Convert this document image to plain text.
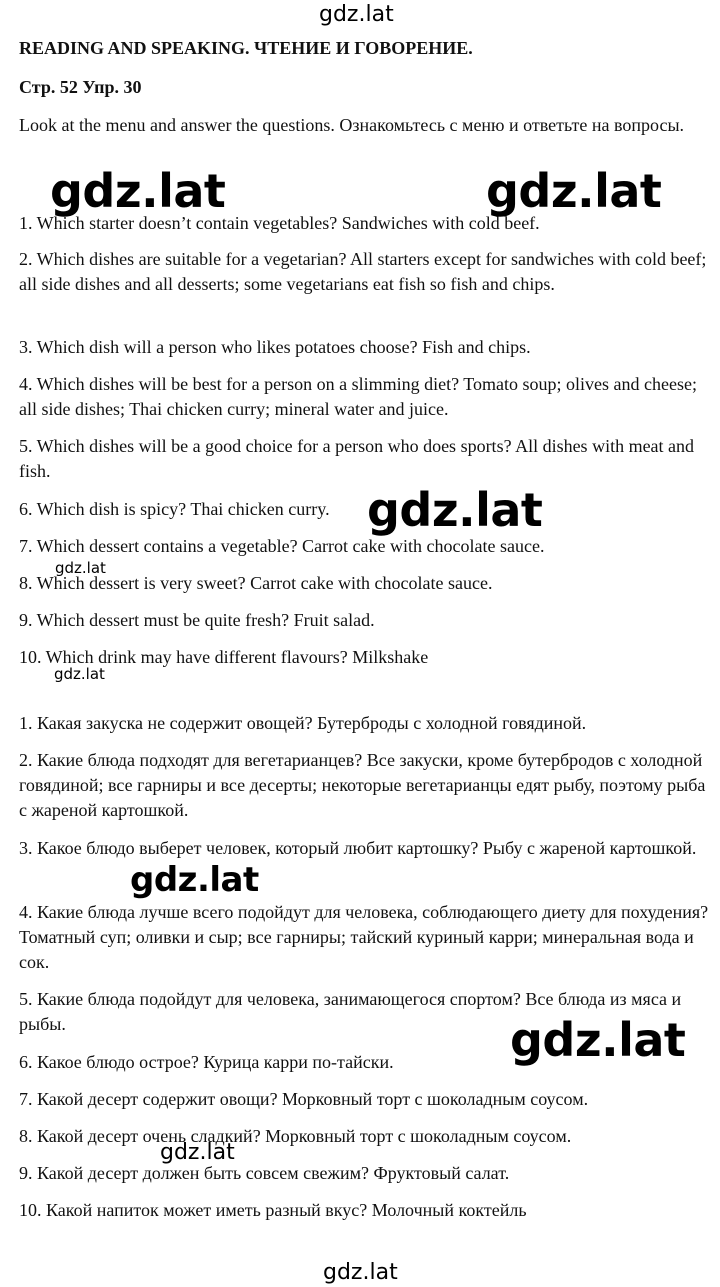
READING AND SPEAKING. ЧТЕНИЕ И ГОВОРЕНИЕ.
Стр. 52 Упр. 30

Look at the menu and answer the questions. Ознакомьтесь с меню и ответьте на вопросы.

1. Which starter doesn’t contain vegetables? Sandwiches with cold beef.

2. Which dishes are suitable for a vegetarian? All starters except for sandwiches with cold beef; all side dishes and all desserts; some vegetarians eat fish so fish and chips.

3. Which dish will a person who likes potatoes choose? Fish and chips.

4. Which dishes will be best for a person on a slimming diet? Tomato soup; olives and cheese; all side dishes; Thai chicken curry; mineral water and juice.

5. Which dishes will be a good choice for a person who does sports? All dishes with meat and fish.

6. Which dish is spicy? Thai chicken curry.

7. Which dessert contains a vegetable? Carrot cake with chocolate sauce.

8. Which dessert is very sweet? Carrot cake with chocolate sauce.

9. Which dessert must be quite fresh? Fruit salad.

10. Which drink may have different flavours? Milkshake

1. Какая закуска не содержит овощей? Бутерброды с холодной говядиной.

2. Какие блюда подходят для вегетарианцев? Все закуски, кроме бутербродов с холодной говядиной; все гарниры и все десерты; некоторые вегетарианцы едят рыбу, поэтому рыба с жареной картошкой.

3. Какое блюдо выберет человек, который любит картошку? Рыбу с жареной картошкой.

4. Какие блюда лучше всего подойдут для человека, соблюдающего диету для похудения? Томатный суп; оливки и сыр; все гарниры; тайский куриный карри; минеральная вода и сок.

5. Какие блюда подойдут для человека, занимающегося спортом? Все блюда из мяса и рыбы.

6. Какое блюдо острое? Курица карри по-тайски.

7. Какой десерт содержит овощи? Морковный торт с шоколадным соусом.

8. Какой десерт очень сладкий? Морковный торт с шоколадным соусом.

9. Какой десерт должен быть совсем свежим? Фруктовый салат.

10. Какой напиток может иметь разный вкус? Молочный коктейль

gdz.lat
gdz.lat	gdz.lat
gdz.lat
gdz.lat
gdz.lat
gdz.lat
gdz.lat
gdz.lat
gdz.lat
